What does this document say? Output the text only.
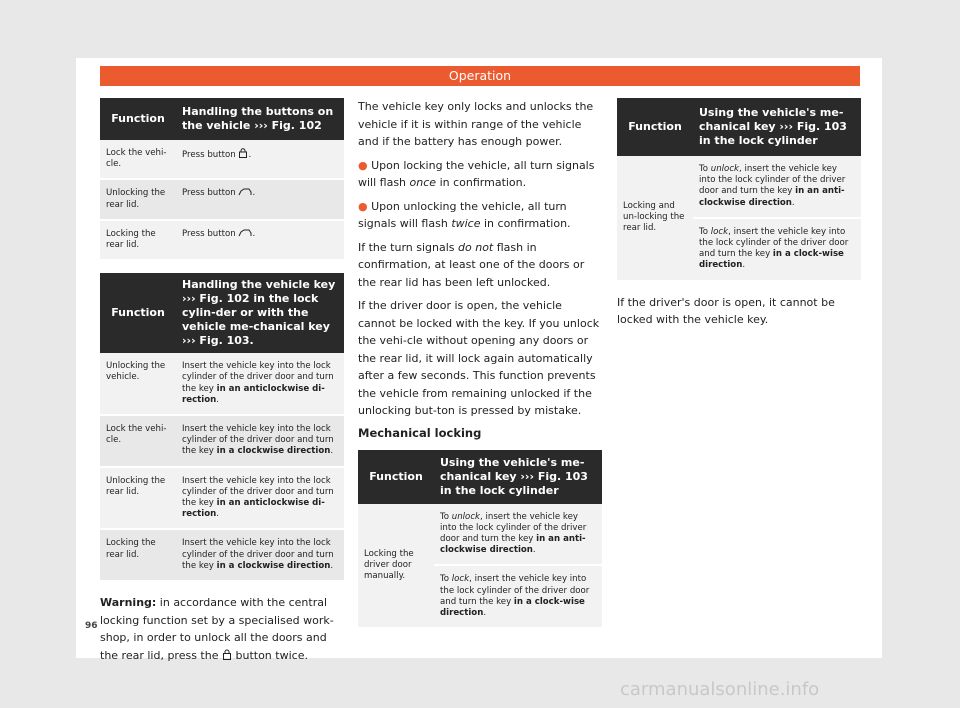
Operation
Function	Handling the buttons on the vehicle ››› Fig. 102
Lock the vehi-cle.	Press button .
Unlocking the rear lid.	Press button .
Locking the rear lid.	Press button .
Function	Handling the vehicle key ››› Fig. 102 in the lock cylin-der or with the vehicle me-chanical key ››› Fig. 103.
Unlocking the vehicle.	Insert the vehicle key into the lock cylinder of the driver door and turn the key in an anticlockwise di-rection.
Lock the vehi-cle.	Insert the vehicle key into the lock cylinder of the driver door and turn the key in a clockwise direction.
Unlocking the rear lid.	Insert the vehicle key into the lock cylinder of the driver door and turn the key in an anticlockwise di-rection.
Locking the rear lid.	Insert the vehicle key into the lock cylinder of the driver door and turn the key in a clockwise direction.

Warning: in accordance with the central locking function set by a specialised work-shop, in order to unlock all the doors and the rear lid, press the button twice.

The vehicle key only locks and unlocks the vehicle if it is within range of the vehicle and if the battery has enough power.

● Upon locking the vehicle, all turn signals will flash once in confirmation.

● Upon unlocking the vehicle, all turn signals will flash twice in confirmation.

If the turn signals do not flash in confirmation, at least one of the doors or the rear lid has been left unlocked.

If the driver door is open, the vehicle cannot be locked with the key. If you unlock the vehi-cle without opening any doors or the rear lid, it will lock again automatically after a few seconds. This function prevents the vehicle from remaining unlocked if the unlocking but-ton is pressed by mistake.

Mechanical locking
Function	Using the vehicle's me-chanical key ››› Fig. 103 in the lock cylinder
Locking the driver door manually.	To unlock, insert the vehicle key into the lock cylinder of the driver door and turn the key in an anti-clockwise direction.
	To lock, insert the vehicle key into the lock cylinder of the driver door and turn the key in a clock-wise direction.
Function	Using the vehicle's me-chanical key ››› Fig. 103 in the lock cylinder
Locking and un-locking the rear lid.	To unlock, insert the vehicle key into the lock cylinder of the driver door and turn the key in an anti-clockwise direction.
	To lock, insert the vehicle key into the lock cylinder of the driver door and turn the key in a clock-wise direction.

If the driver's door is open, it cannot be locked with the vehicle key.

96
carmanualsonline.info
